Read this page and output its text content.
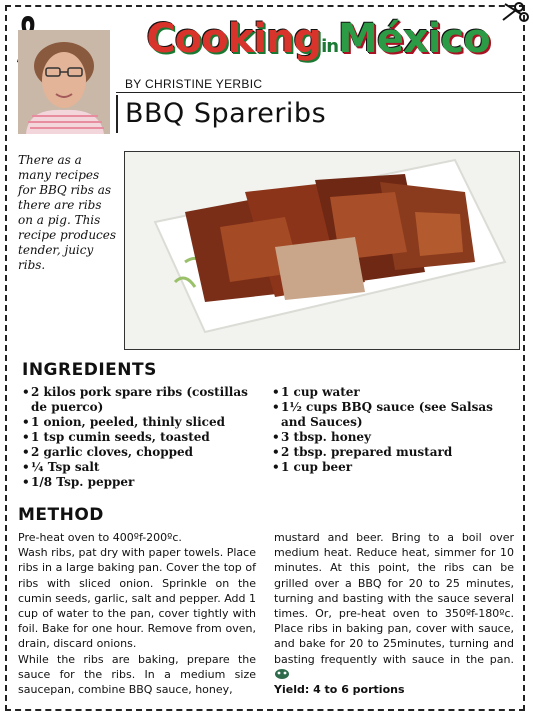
CookinginMéxico
BY CHRISTINE YERBIC
BBQ Spareribs
There as a many recipes for BBQ ribs as there are ribs on a pig. This recipe produces tender, juicy ribs.
INGREDIENTS
• 2 kilos pork spare ribs (costillas de puerco)
• 1 onion, peeled, thinly sliced
• 1 tsp cumin seeds, toasted
• 2 garlic cloves, chopped
• ¼ Tsp salt
• 1/8 Tsp. pepper
• 1 cup water
• 1½ cups BBQ sauce (see Salsas and Sauces)
• 3 tbsp. honey
• 2 tbsp. prepared mustard
• 1 cup beer
METHOD

Pre-heat oven to 400ºf-200ºc.

Wash ribs, pat dry with paper towels. Place ribs in a large baking pan. Cover the top of ribs with sliced onion. Sprinkle on the cumin seeds, garlic, salt and pepper. Add 1 cup of water to the pan, cover tightly with foil. Bake for one hour. Remove from oven, drain, discard onions.

While the ribs are baking, prepare the sauce for the ribs. In a medium size saucepan, combine BBQ sauce, honey,

mustard and beer. Bring to a boil over medium heat. Reduce heat, simmer for 10 minutes. At this point, the ribs can be grilled over a BBQ for 20 to 25 minutes, turning and basting with the sauce several times. Or, pre-heat oven to 350ºf-180ºc. Place ribs in baking pan, cover with sauce, and bake for 20 to 25minutes, turning and basting frequently with sauce in the pan.

Yield: 4 to 6 portions
